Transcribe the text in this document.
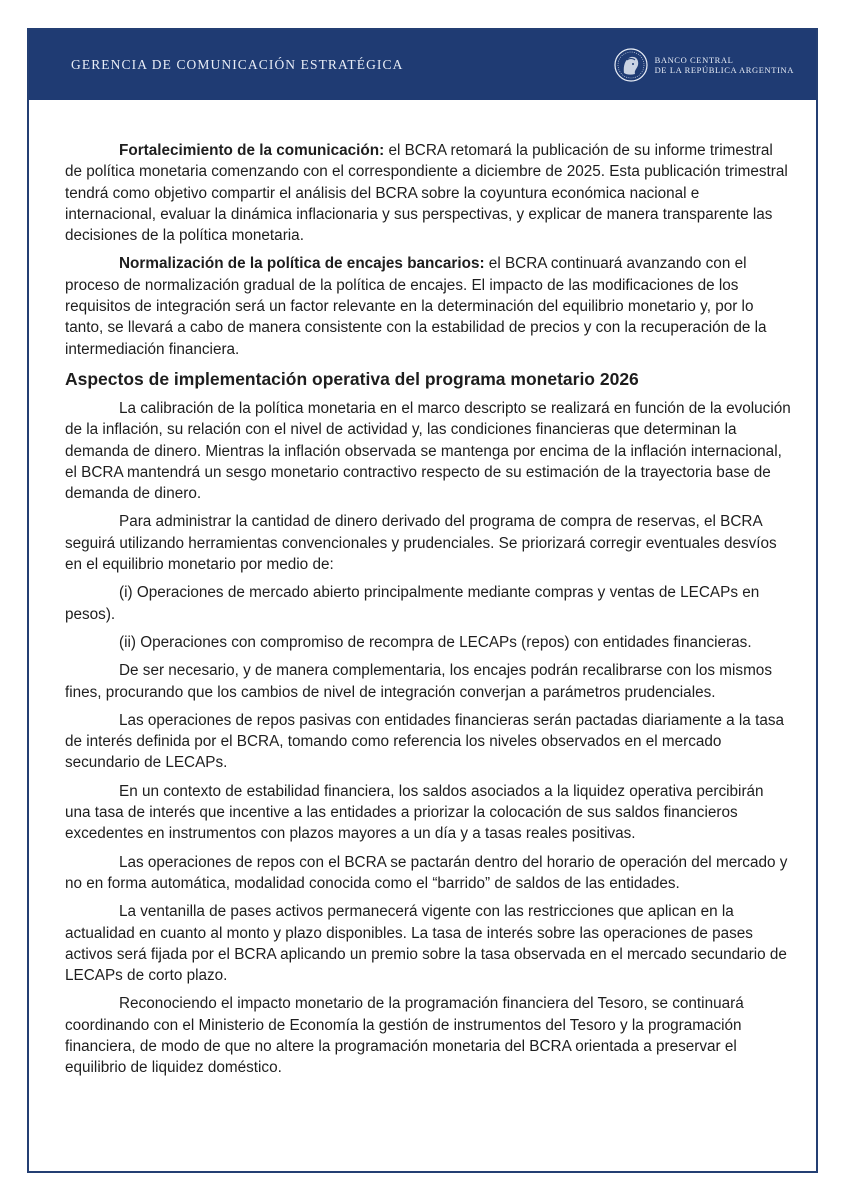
GERENCIA DE COMUNICACIÓN ESTRATÉGICA	BANCO CENTRAL
DE LA REPÚBLICA ARGENTINA

Fortalecimiento de la comunicación: el BCRA retomará la publicación de su informe trimestral de política monetaria comenzando con el correspondiente a diciembre de 2025. Esta publicación trimestral tendrá como objetivo compartir el análisis del BCRA sobre la coyuntura económica nacional e internacional, evaluar la dinámica inflacionaria y sus perspectivas, y explicar de manera transparente las decisiones de la política monetaria.

Normalización de la política de encajes bancarios: el BCRA continuará avanzando con el proceso de normalización gradual de la política de encajes. El impacto de las modificaciones de los requisitos de integración será un factor relevante en la determinación del equilibrio monetario y, por lo tanto, se llevará a cabo de manera consistente con la estabilidad de precios y con la recuperación de la intermediación financiera.

Aspectos de implementación operativa del programa monetario 2026

La calibración de la política monetaria en el marco descripto se realizará en función de la evolución de la inflación, su relación con el nivel de actividad y, las condiciones financieras que determinan la demanda de dinero. Mientras la inflación observada se mantenga por encima de la inflación internacional, el BCRA mantendrá un sesgo monetario contractivo respecto de su estimación de la trayectoria base de demanda de dinero.

Para administrar la cantidad de dinero derivado del programa de compra de reservas, el BCRA seguirá utilizando herramientas convencionales y prudenciales. Se priorizará corregir eventuales desvíos en el equilibrio monetario por medio de:

(i) Operaciones de mercado abierto principalmente mediante compras y ventas de LECAPs en
pesos).

(ii) Operaciones con compromiso de recompra de LECAPs (repos) con entidades financieras.

De ser necesario, y de manera complementaria, los encajes podrán recalibrarse con los mismos fines, procurando que los cambios de nivel de integración converjan a parámetros prudenciales.

Las operaciones de repos pasivas con entidades financieras serán pactadas diariamente a la tasa de interés definida por el BCRA, tomando como referencia los niveles observados en el mercado secundario de LECAPs.

En un contexto de estabilidad financiera, los saldos asociados a la liquidez operativa percibirán una tasa de interés que incentive a las entidades a priorizar la colocación de sus saldos financieros excedentes en instrumentos con plazos mayores a un día y a tasas reales positivas.

Las operaciones de repos con el BCRA se pactarán dentro del horario de operación del mercado y no en forma automática, modalidad conocida como el “barrido” de saldos de las entidades.

La ventanilla de pases activos permanecerá vigente con las restricciones que aplican en la actualidad en cuanto al monto y plazo disponibles. La tasa de interés sobre las operaciones de pases activos será fijada por el BCRA aplicando un premio sobre la tasa observada en el mercado secundario de LECAPs de corto plazo.

Reconociendo el impacto monetario de la programación financiera del Tesoro, se continuará coordinando con el Ministerio de Economía la gestión de instrumentos del Tesoro y la programación financiera, de modo de que no altere la programación monetaria del BCRA orientada a preservar el equilibrio de liquidez doméstico.
